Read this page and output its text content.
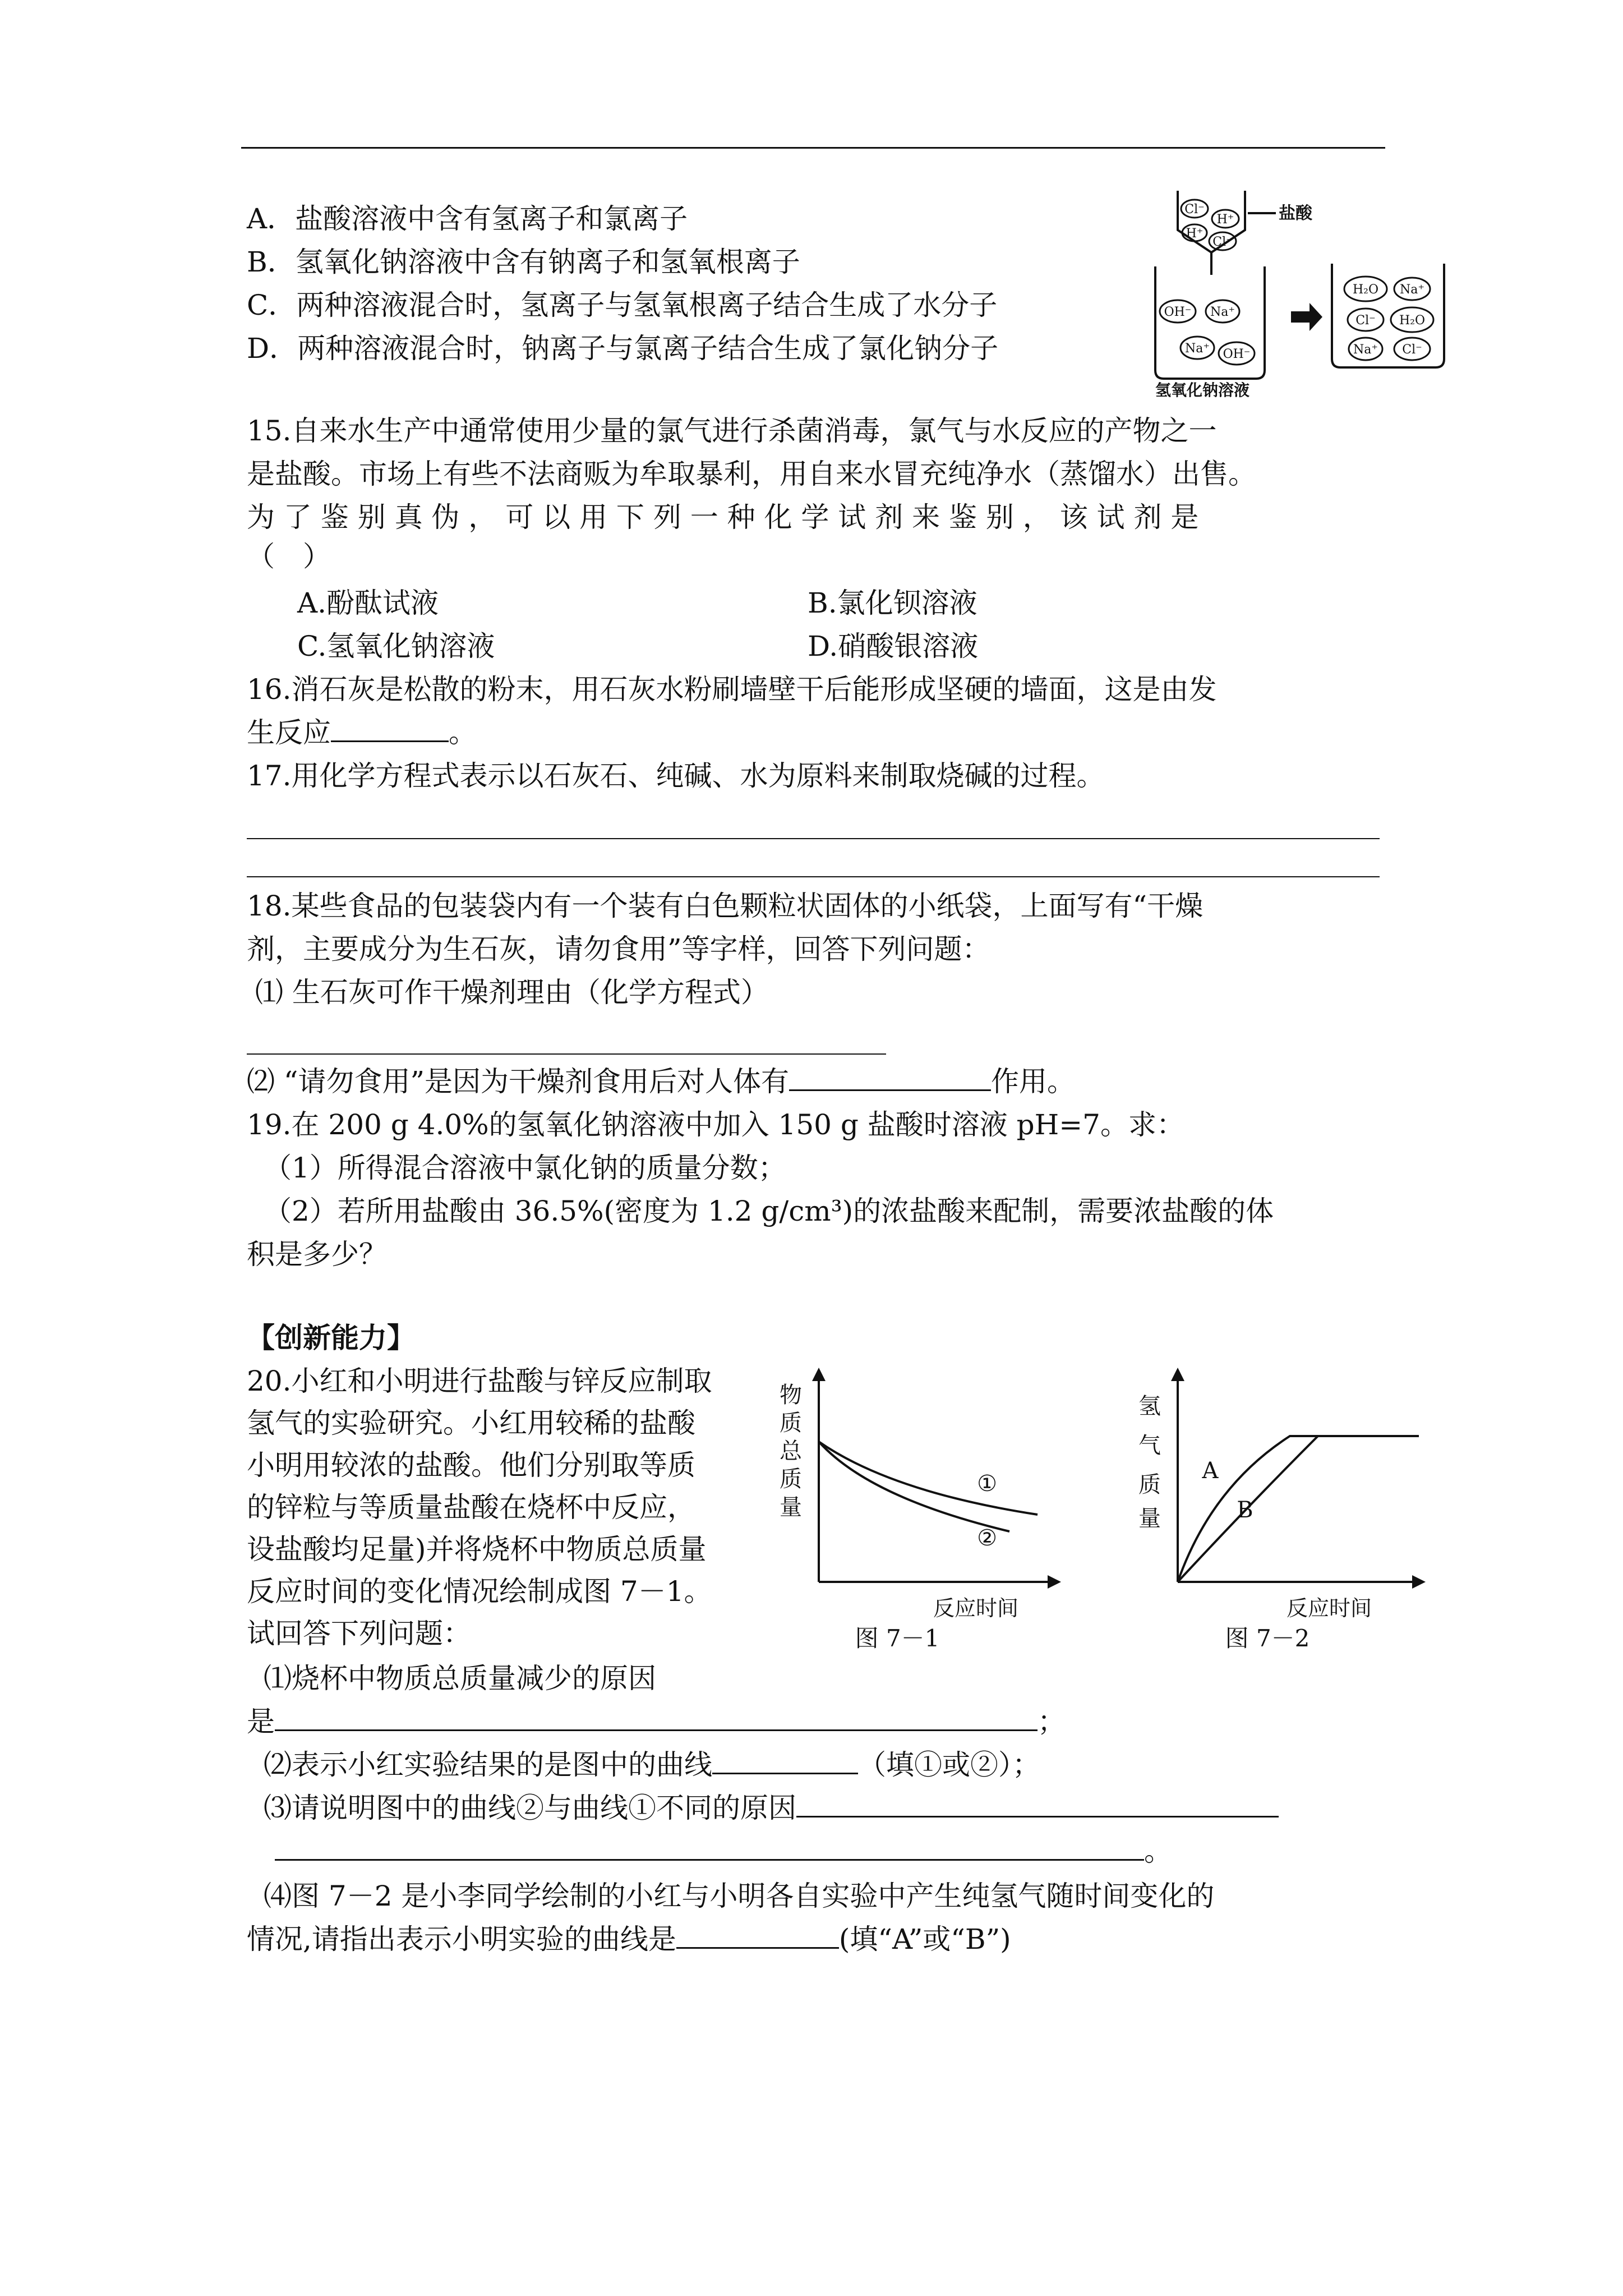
A．盐酸溶液中含有氢离子和氯离子
B．氢氧化钠溶液中含有钠离子和氢氧根离子
C．两种溶液混合时，氢离子与氢氧根离子结合生成了水分子
D．两种溶液混合时，钠离子与氯离子结合生成了氯化钠分子
Cl⁻
H⁺
H⁺
Cl⁻
OH⁻ Na⁺
Na⁺ OH⁻
H₂O Na⁺
Cl⁻ H₂O
Na⁺ Cl⁻
盐酸
氢氧化钠溶液
15.自来水生产中通常使用少量的氯气进行杀菌消毒，氯气与水反应的产物之一
是盐酸。市场上有些不法商贩为牟取暴利，用自来水冒充纯净水（蒸馏水）出售。
为 了 鉴 别 真 伪 ， 可 以 用 下 列 一 种 化 学 试 剂 来 鉴 别 ， 该 试 剂 是
（　）
A.酚酞试液	B.氯化钡溶液
C.氢氧化钠溶液	D.硝酸银溶液
16.消石灰是松散的粉末，用石灰水粉刷墙壁干后能形成坚硬的墙面，这是由发
生反应	。
17.用化学方程式表示以石灰石、纯碱、水为原料来制取烧碱的过程。
18.某些食品的包装袋内有一个装有白色颗粒状固体的小纸袋，上面写有“干燥
剂，主要成分为生石灰，请勿食用”等字样，回答下列问题：
⑴ 生石灰可作干燥剂理由（化学方程式）
⑵ “请勿食用”是因为干燥剂食用后对人体有	作用。
19.在 200 g 4.0%的氢氧化钠溶液中加入 150 g 盐酸时溶液 pH=7。求：
（1）所得混合溶液中氯化钠的质量分数；
（2）若所用盐酸由 36.5%(密度为 1.2 g/cm³)的浓盐酸来配制，需要浓盐酸的体
积是多少？
【创新能力】
20.小红和小明进行盐酸与锌反应制取
氢气的实验研究。小红用较稀的盐酸
小明用较浓的盐酸。他们分别取等质
的锌粒与等质量盐酸在烧杯中反应，
设盐酸均足量)并将烧杯中物质总质量
反应时间的变化情况绘制成图 7－1。
试回答下列问题：
物
质
总
质
量
①
②
反应时间
图 7－1
氢
气
质
量
A
B
反应时间
图 7－2
⑴烧杯中物质总质量减少的原因
是	；
⑵表示小红实验结果的是图中的曲线	（填①或②）；
⑶请说明图中的曲线②与曲线①不同的原因
。
⑷图 7－2 是小李同学绘制的小红与小明各自实验中产生纯氢气随时间变化的
情况,请指出表示小明实验的曲线是	(填“A”或“B”)
